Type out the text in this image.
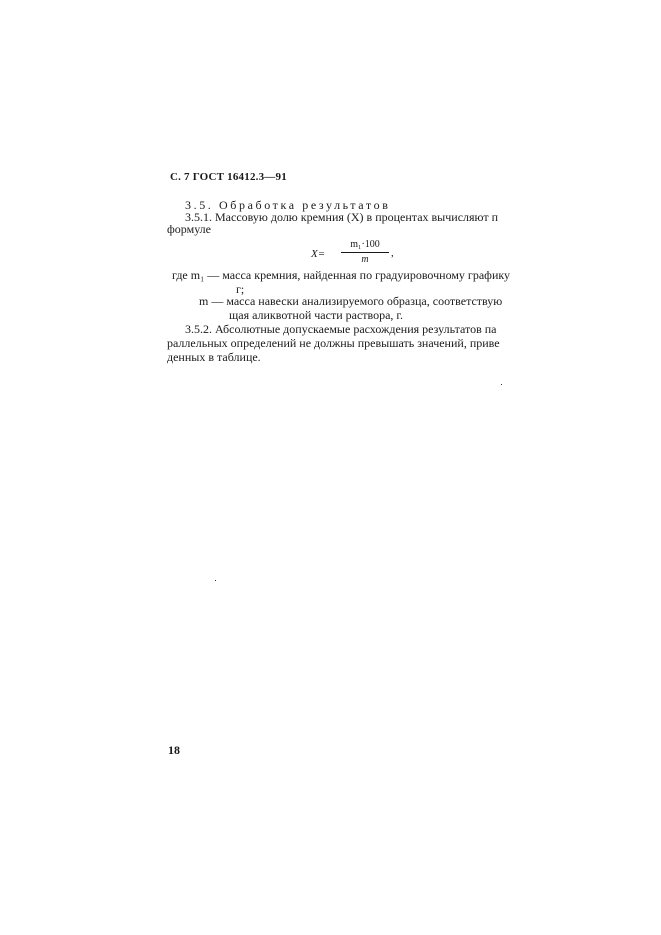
С. 7 ГОСТ 16412.3—91
3.5. Обработка результатов
3.5.1. Массовую долю кремния (X) в процентах вычисляют п
формуле
X=
m₁·100
m
,
где m₁ — масса кремния, найденная по градуировочному графику
г;
m — масса навески анализируемого образца, соответствую
щая аликвотной части раствора, г.
3.5.2. Абсолютные допускаемые расхождения результатов па
раллельных определений не должны превышать значений, приве
денных в таблице.
18
